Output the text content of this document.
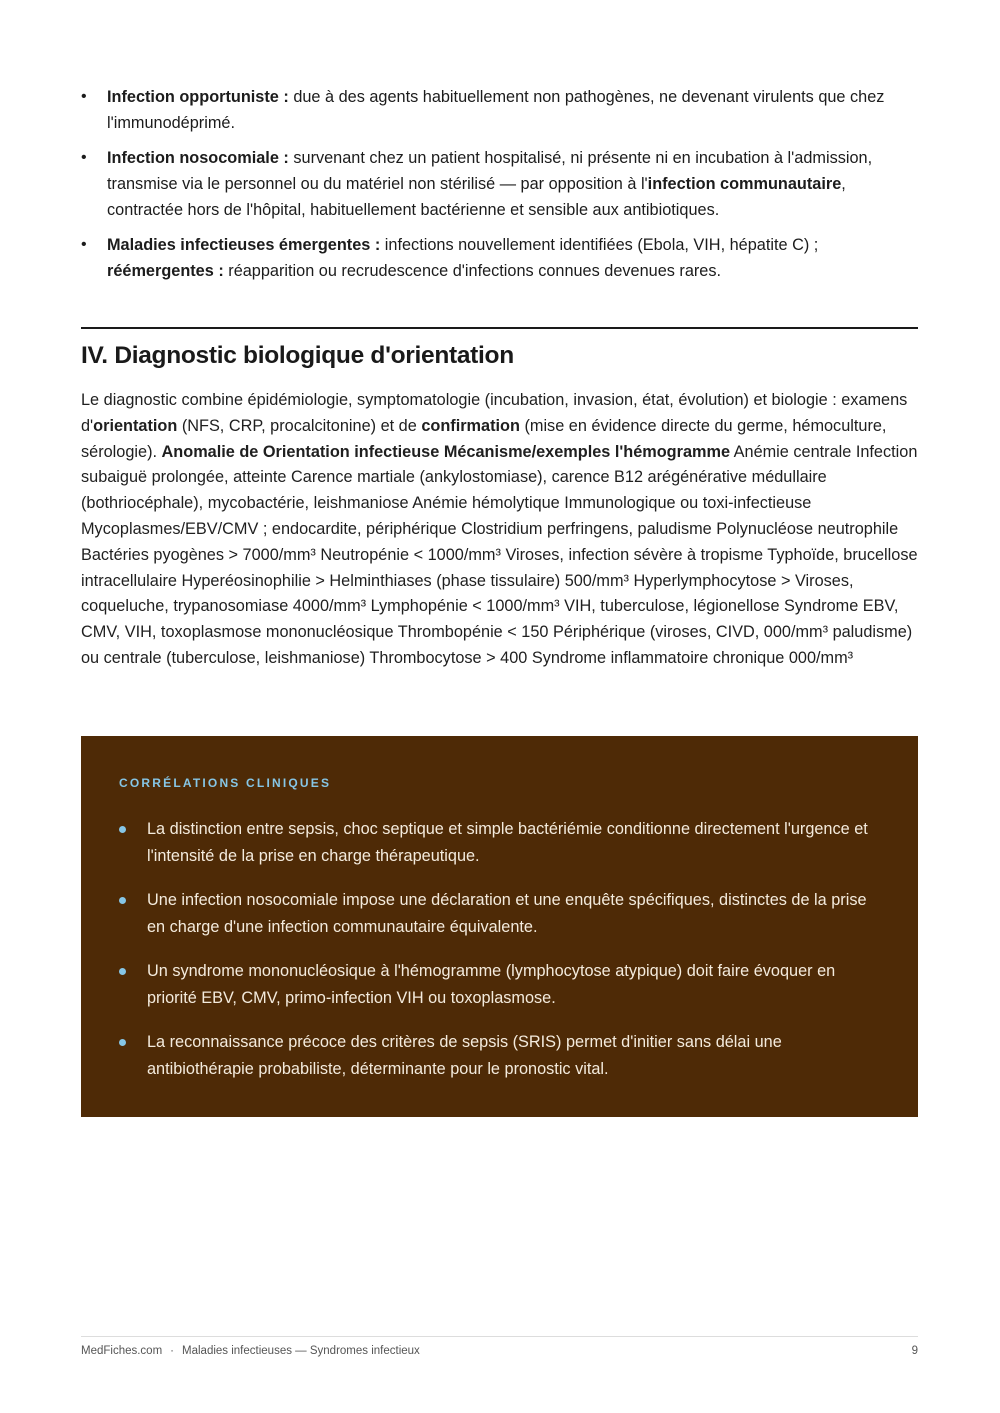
• Infection opportuniste : due à des agents habituellement non pathogènes, ne devenant virulents que chez l'immunodéprimé.
• Infection nosocomiale : survenant chez un patient hospitalisé, ni présente ni en incubation à l'admission, transmise via le personnel ou du matériel non stérilisé — par opposition à l'infection communautaire, contractée hors de l'hôpital, habituellement bactérienne et sensible aux antibiotiques.
• Maladies infectieuses émergentes : infections nouvellement identifiées (Ebola, VIH, hépatite C) ; réémergentes : réapparition ou recrudescence d'infections connues devenues rares.
IV. Diagnostic biologique d'orientation

Le diagnostic combine épidémiologie, symptomatologie (incubation, invasion, état, évolution) et biologie : examens d'orientation (NFS, CRP, procalcitonine) et de confirmation (mise en évidence directe du germe, hémoculture, sérologie). Anomalie de Orientation infectieuse Mécanisme/exemples l'hémogramme Anémie centrale Infection subaiguë prolongée, atteinte Carence martiale (ankylostomiase), carence B12 arégénérative médullaire (bothriocéphale), mycobactérie, leishmaniose Anémie hémolytique Immunologique ou toxi-infectieuse Mycoplasmes/EBV/CMV ; endocardite, périphérique Clostridium perfringens, paludisme Polynucléose neutrophile Bactéries pyogènes > 7000/mm³ Neutropénie < 1000/mm³ Viroses, infection sévère à tropisme Typhoïde, brucellose intracellulaire Hyperéosinophilie > Helminthiases (phase tissulaire) 500/mm³ Hyperlymphocytose > Viroses, coqueluche, trypanosomiase 4000/mm³ Lymphopénie < 1000/mm³ VIH, tuberculose, légionellose Syndrome EBV, CMV, VIH, toxoplasmose mononucléosique Thrombopénie < 150 Périphérique (viroses, CIVD, 000/mm³ paludisme) ou centrale (tuberculose, leishmaniose) Thrombocytose > 400 Syndrome inflammatoire chronique 000/mm³

CORRÉLATIONS CLINIQUES
La distinction entre sepsis, choc septique et simple bactériémie conditionne directement l'urgence et l'intensité de la prise en charge thérapeutique.
Une infection nosocomiale impose une déclaration et une enquête spécifiques, distinctes de la prise en charge d'une infection communautaire équivalente.
Un syndrome mononucléosique à l'hémogramme (lymphocytose atypique) doit faire évoquer en priorité EBV, CMV, primo-infection VIH ou toxoplasmose.
La reconnaissance précoce des critères de sepsis (SRIS) permet d'initier sans délai une antibiothérapie probabiliste, déterminante pour le pronostic vital.
MedFiches.com · Maladies infectieuses — Syndromes infectieux	9
